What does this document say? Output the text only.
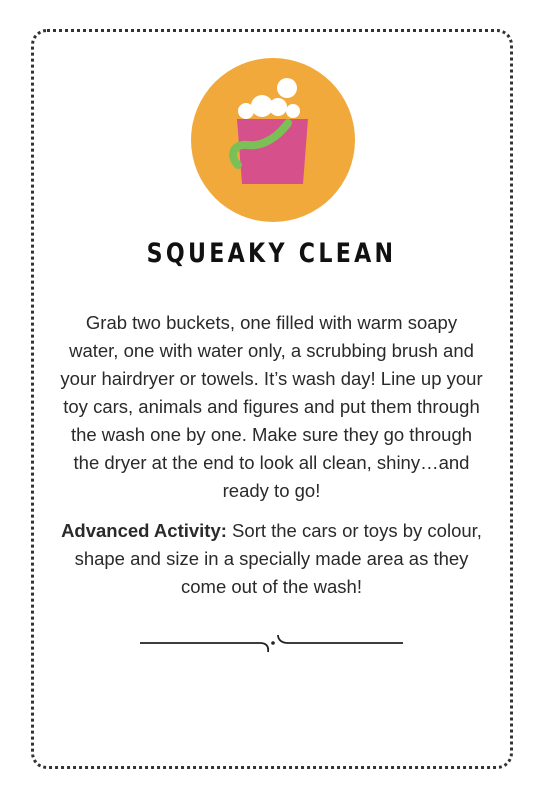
SQUEAKY CLEAN

Grab two buckets, one filled with warm soapy water, one with water only, a scrubbing brush and your hairdryer or towels. It’s wash day! Line up your toy cars, animals and figures and put them through the wash one by one. Make sure they go through the dryer at the end to look all clean, shiny…and ready to go!

Advanced Activity: Sort the cars or toys by colour, shape and size in a specially made area as they come out of the wash!
